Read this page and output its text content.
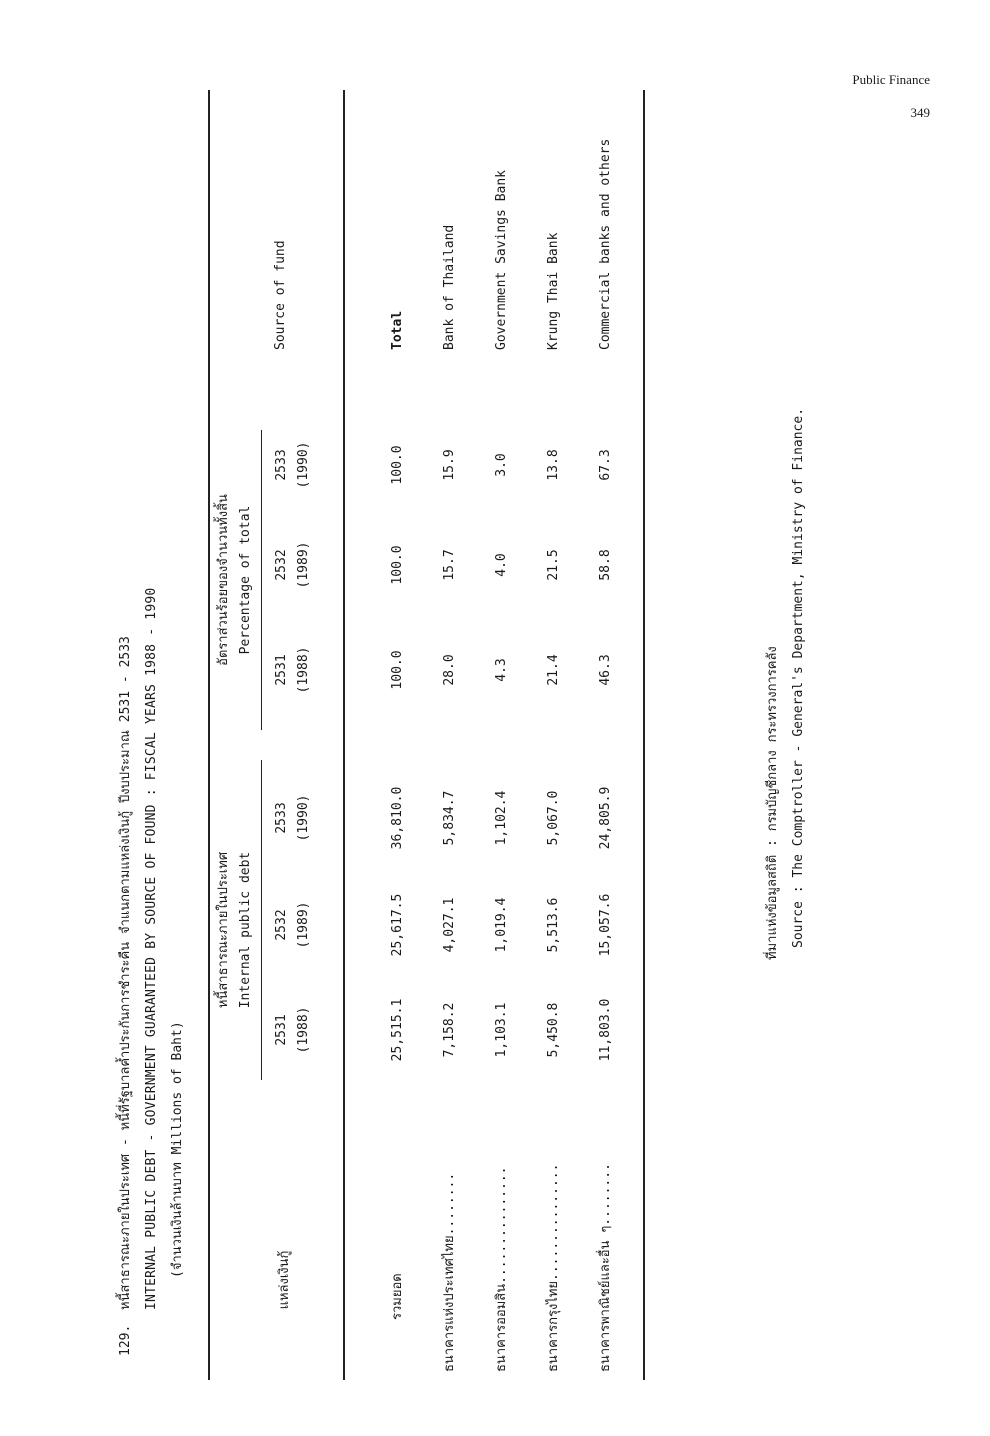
Public Finance
349
129.
หนี้สาธารณะภายในประเทศ - หนี้ที่รัฐบาลค้ำประกันการชำระคืน จำแนกตามแหล่งเงินกู้ ปีงบประมาณ 2531 - 2533 INTERNAL PUBLIC DEBT - GOVERNMENT GUARANTEED BY SOURCE OF FOUND : FISCAL YEARS 1988 - 1990 (จำนวนเงินล้านบาท Millions of Baht)
แหล่งเงินกู้
หนี้สาธารณะภายในประเทศ Internal public debt
อัตราส่วนร้อยของจำนวนทั้งสิ้น Percentage of total
Source of fund
2531 (1988)
2532 (1989)
2533 (1990)
2531 (1988)
2532 (1989)
2533 (1990)
รวมยอด
25,515.1
25,617.5
36,810.0
100.0
100.0
100.0
Total
ธนาคารแห่งประเทศไทย........
7,158.2
4,027.1
5,834.7
28.0
15.7
15.9
Bank of Thailand
ธนาคารออมสิน...............
1,103.1
1,019.4
1,102.4
4.3
4.0
3.0
Government Savings Bank
ธนาคารกรุงไทย...............
5,450.8
5,513.6
5,067.0
21.4
21.5
13.8
Krung Thai Bank
ธนาคารพาณิชย์และอื่น ๆ........
11,803.0
15,057.6
24,805.9
46.3
58.8
67.3
Commercial banks and others
ที่มาแห่งข้อมูลสถิติ : กรมบัญชีกลาง กระทรวงการคลัง Source : The Comptroller - General's Department, Ministry of Finance.
